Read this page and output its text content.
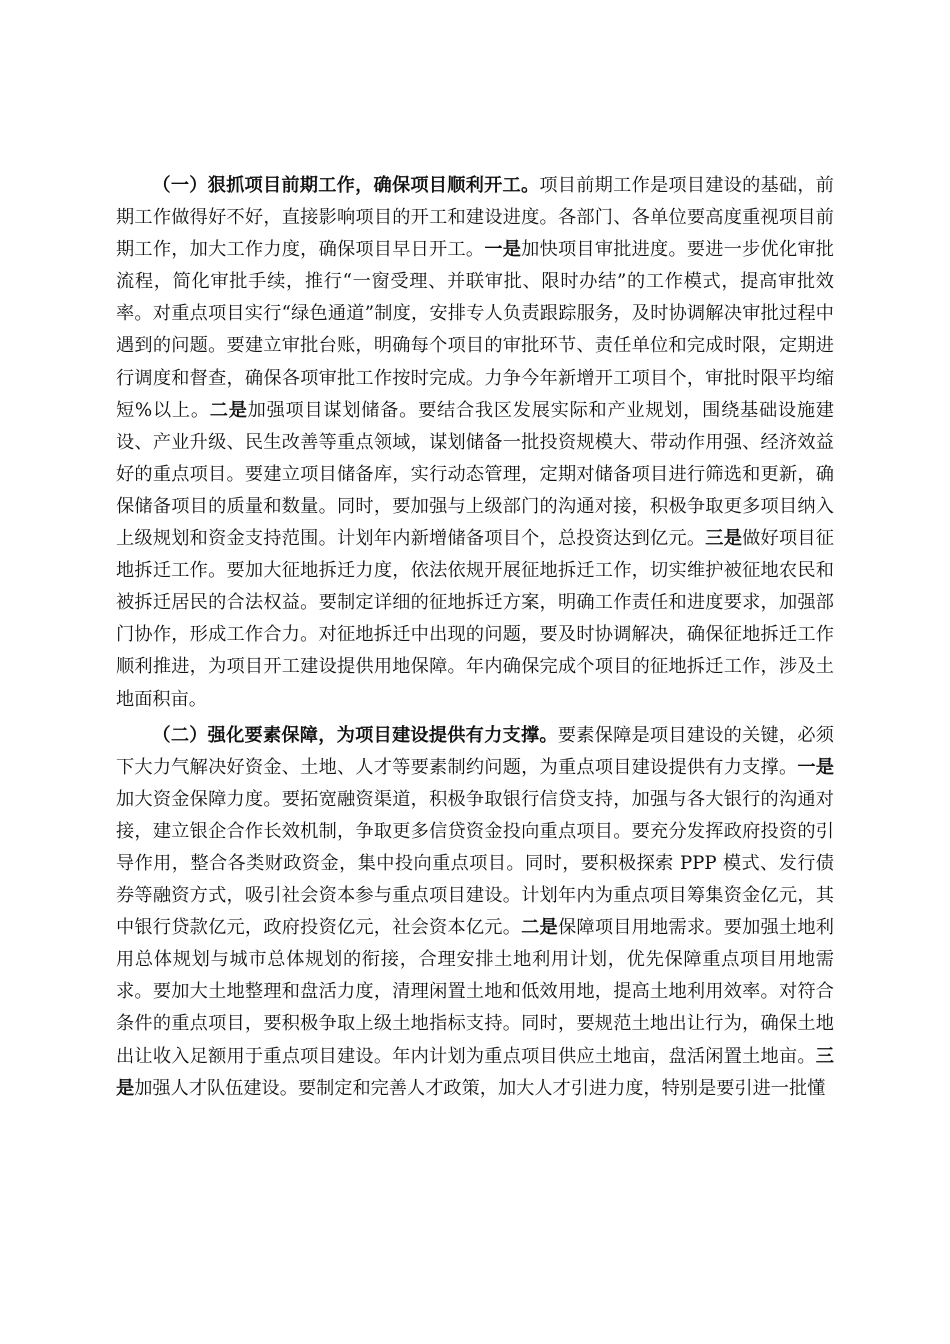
（一）狠抓项目前期工作，确保项目顺利开工。项目前期工作是项目建设的基础，前期工作做得好不好，直接影响项目的开工和建设进度。各部门、各单位要高度重视项目前期工作，加大工作力度，确保项目早日开工。一是加快项目审批进度。要进一步优化审批流程，简化审批手续，推行“一窗受理、并联审批、限时办结”的工作模式，提高审批效率。对重点项目实行“绿色通道”制度，安排专人负责跟踪服务，及时协调解决审批过程中遇到的问题。要建立审批台账，明确每个项目的审批环节、责任单位和完成时限，定期进行调度和督查，确保各项审批工作按时完成。力争今年新增开工项目个，审批时限平均缩短%以上。二是加强项目谋划储备。要结合我区发展实际和产业规划，围绕基础设施建设、产业升级、民生改善等重点领域，谋划储备一批投资规模大、带动作用强、经济效益好的重点项目。要建立项目储备库，实行动态管理，定期对储备项目进行筛选和更新，确保储备项目的质量和数量。同时，要加强与上级部门的沟通对接，积极争取更多项目纳入上级规划和资金支持范围。计划年内新增储备项目个，总投资达到亿元。三是做好项目征地拆迁工作。要加大征地拆迁力度，依法依规开展征地拆迁工作，切实维护被征地农民和被拆迁居民的合法权益。要制定详细的征地拆迁方案，明确工作责任和进度要求，加强部门协作，形成工作合力。对征地拆迁中出现的问题，要及时协调解决，确保征地拆迁工作顺利推进，为项目开工建设提供用地保障。年内确保完成个项目的征地拆迁工作，涉及土地面积亩。

（二）强化要素保障，为项目建设提供有力支撑。要素保障是项目建设的关键，必须下大力气解决好资金、土地、人才等要素制约问题，为重点项目建设提供有力支撑。一是加大资金保障力度。要拓宽融资渠道，积极争取银行信贷支持，加强与各大银行的沟通对接，建立银企合作长效机制，争取更多信贷资金投向重点项目。要充分发挥政府投资的引导作用，整合各类财政资金，集中投向重点项目。同时，要积极探索 PPP 模式、发行债券等融资方式，吸引社会资本参与重点项目建设。计划年内为重点项目筹集资金亿元，其中银行贷款亿元，政府投资亿元，社会资本亿元。二是保障项目用地需求。要加强土地利用总体规划与城市总体规划的衔接，合理安排土地利用计划，优先保障重点项目用地需求。要加大土地整理和盘活力度，清理闲置土地和低效用地，提高土地利用效率。对符合条件的重点项目，要积极争取上级土地指标支持。同时，要规范土地出让行为，确保土地出让收入足额用于重点项目建设。年内计划为重点项目供应土地亩，盘活闲置土地亩。三是加强人才队伍建设。要制定和完善人才政策，加大人才引进力度，特别是要引进一批懂
